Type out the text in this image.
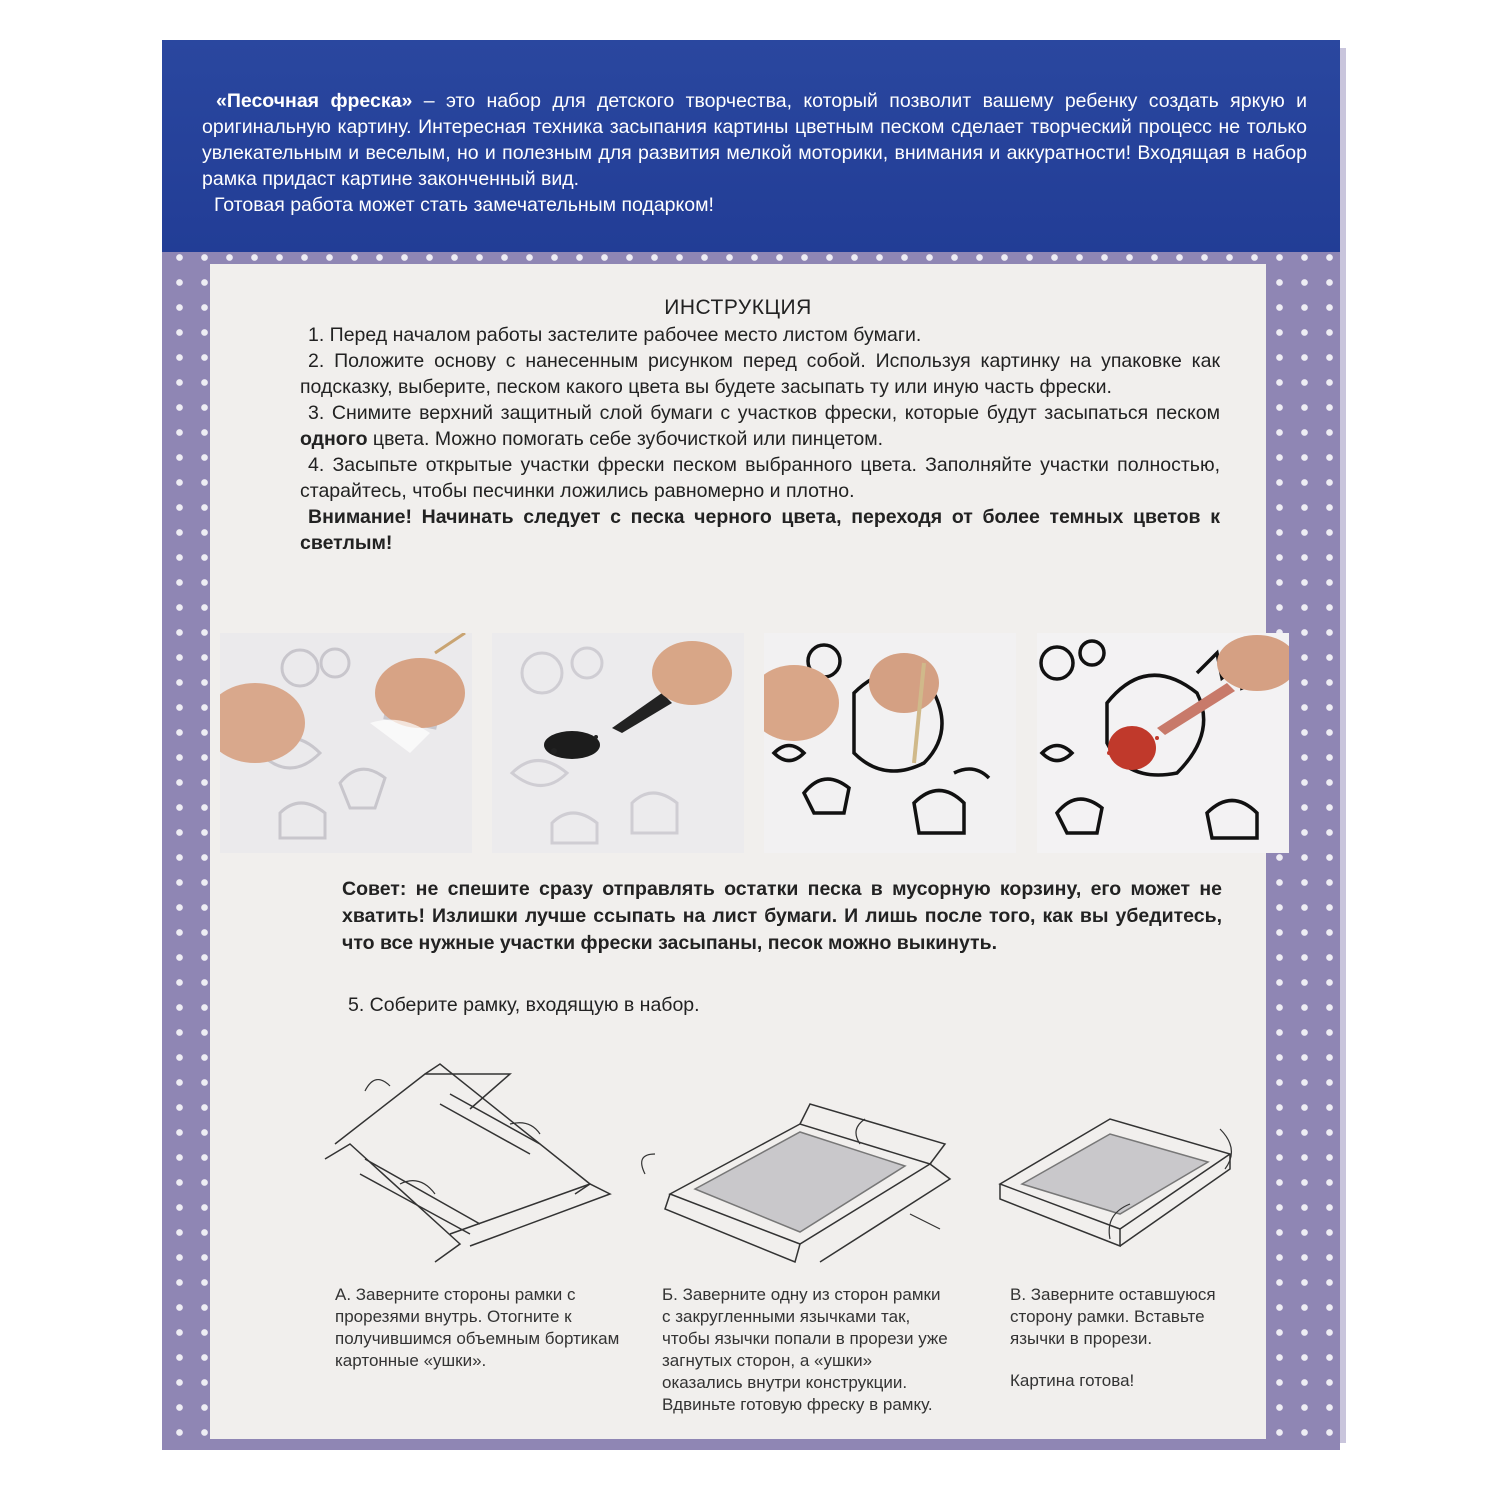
«Песочная фреска» – это набор для детского творчества, который позволит вашему ребенку создать яркую и оригинальную картину. Интересная техника засыпания картины цветным песком сделает творческий процесс не только увлекательным и веселым, но и полезным для развития мелкой моторики, внимания и аккуратности! Входящая в набор рамка придаст картине законченный вид.

Готовая работа может стать замечательным подарком!

ИНСТРУКЦИЯ

1. Перед началом работы застелите рабочее место листом бумаги.

2. Положите основу с нанесенным рисунком перед собой. Используя картинку на упаковке как подсказку, выберите, песком какого цвета вы будете засыпать ту или иную часть фрески.

3. Снимите верхний защитный слой бумаги с участков фрески, которые будут засыпаться песком одного цвета. Можно помогать себе зубочисткой или пинцетом.

4. Засыпьте открытые участки фрески песком выбранного цвета. Заполняйте участки полностью, старайтесь, чтобы песчинки ложились равномерно и плотно.

Внимание! Начинать следует с песка черного цвета, переходя от более темных цветов к светлым!

Совет: не спешите сразу отправлять остатки песка в мусорную корзину, его может не хватить! Излишки лучше ссыпать на лист бумаги. И лишь после того, как вы убедитесь, что все нужные участки фрески засыпаны, песок можно выкинуть.
5. Соберите рамку, входящую в набор.
А. Заверните стороны рамки с прорезями внутрь. Отогните к получившимся объемным бортикам картонные «ушки».
Б. Заверните одну из сторон рамки с закругленными язычками так, чтобы язычки попали в прорези уже загнутых сторон, а «ушки» оказались внутри конструкции. Вдвиньте готовую фреску в рамку.
В. Заверните оставшуюся сторону рамки. Вставьте язычки в прорези.
Картина готова!
